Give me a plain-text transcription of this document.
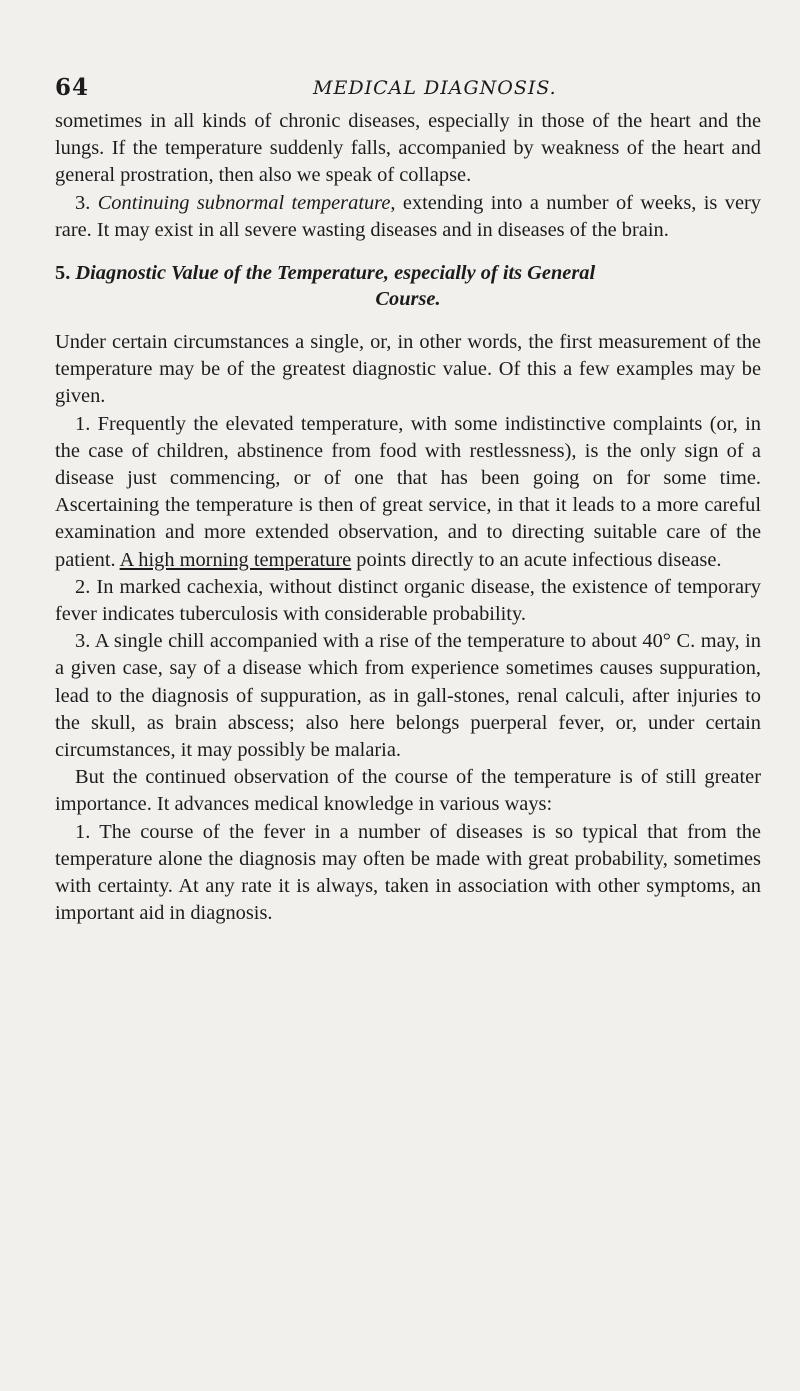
64	MEDICAL DIAGNOSIS.

sometimes in all kinds of chronic diseases, especially in those of the heart and the lungs. If the temperature suddenly falls, accompanied by weakness of the heart and general prostration, then also we speak of collapse.

3. Continuing subnormal temperature, extending into a number of weeks, is very rare. It may exist in all severe wasting diseases and in diseases of the brain.

5. Diagnostic Value of the Temperature, especially of its General
Course.

Under certain circumstances a single, or, in other words, the first measurement of the temperature may be of the greatest diagnostic value. Of this a few examples may be given.

1. Frequently the elevated temperature, with some indistinctive complaints (or, in the case of children, abstinence from food with restlessness), is the only sign of a disease just commencing, or of one that has been going on for some time. Ascertaining the temperature is then of great service, in that it leads to a more careful examination and more extended observation, and to directing suitable care of the patient. A high morning temperature points directly to an acute infectious disease.

2. In marked cachexia, without distinct organic disease, the existence of temporary fever indicates tuberculosis with considerable probability.

3. A single chill accompanied with a rise of the temperature to about 40° C. may, in a given case, say of a disease which from experience sometimes causes suppuration, lead to the diagnosis of suppuration, as in gall-stones, renal calculi, after injuries to the skull, as brain abscess; also here belongs puerperal fever, or, under certain circumstances, it may possibly be malaria.

But the continued observation of the course of the temperature is of still greater importance. It advances medical knowledge in various ways:

1. The course of the fever in a number of diseases is so typical that from the temperature alone the diagnosis may often be made with great probability, sometimes with certainty. At any rate it is always, taken in association with other symptoms, an important aid in diagnosis.
